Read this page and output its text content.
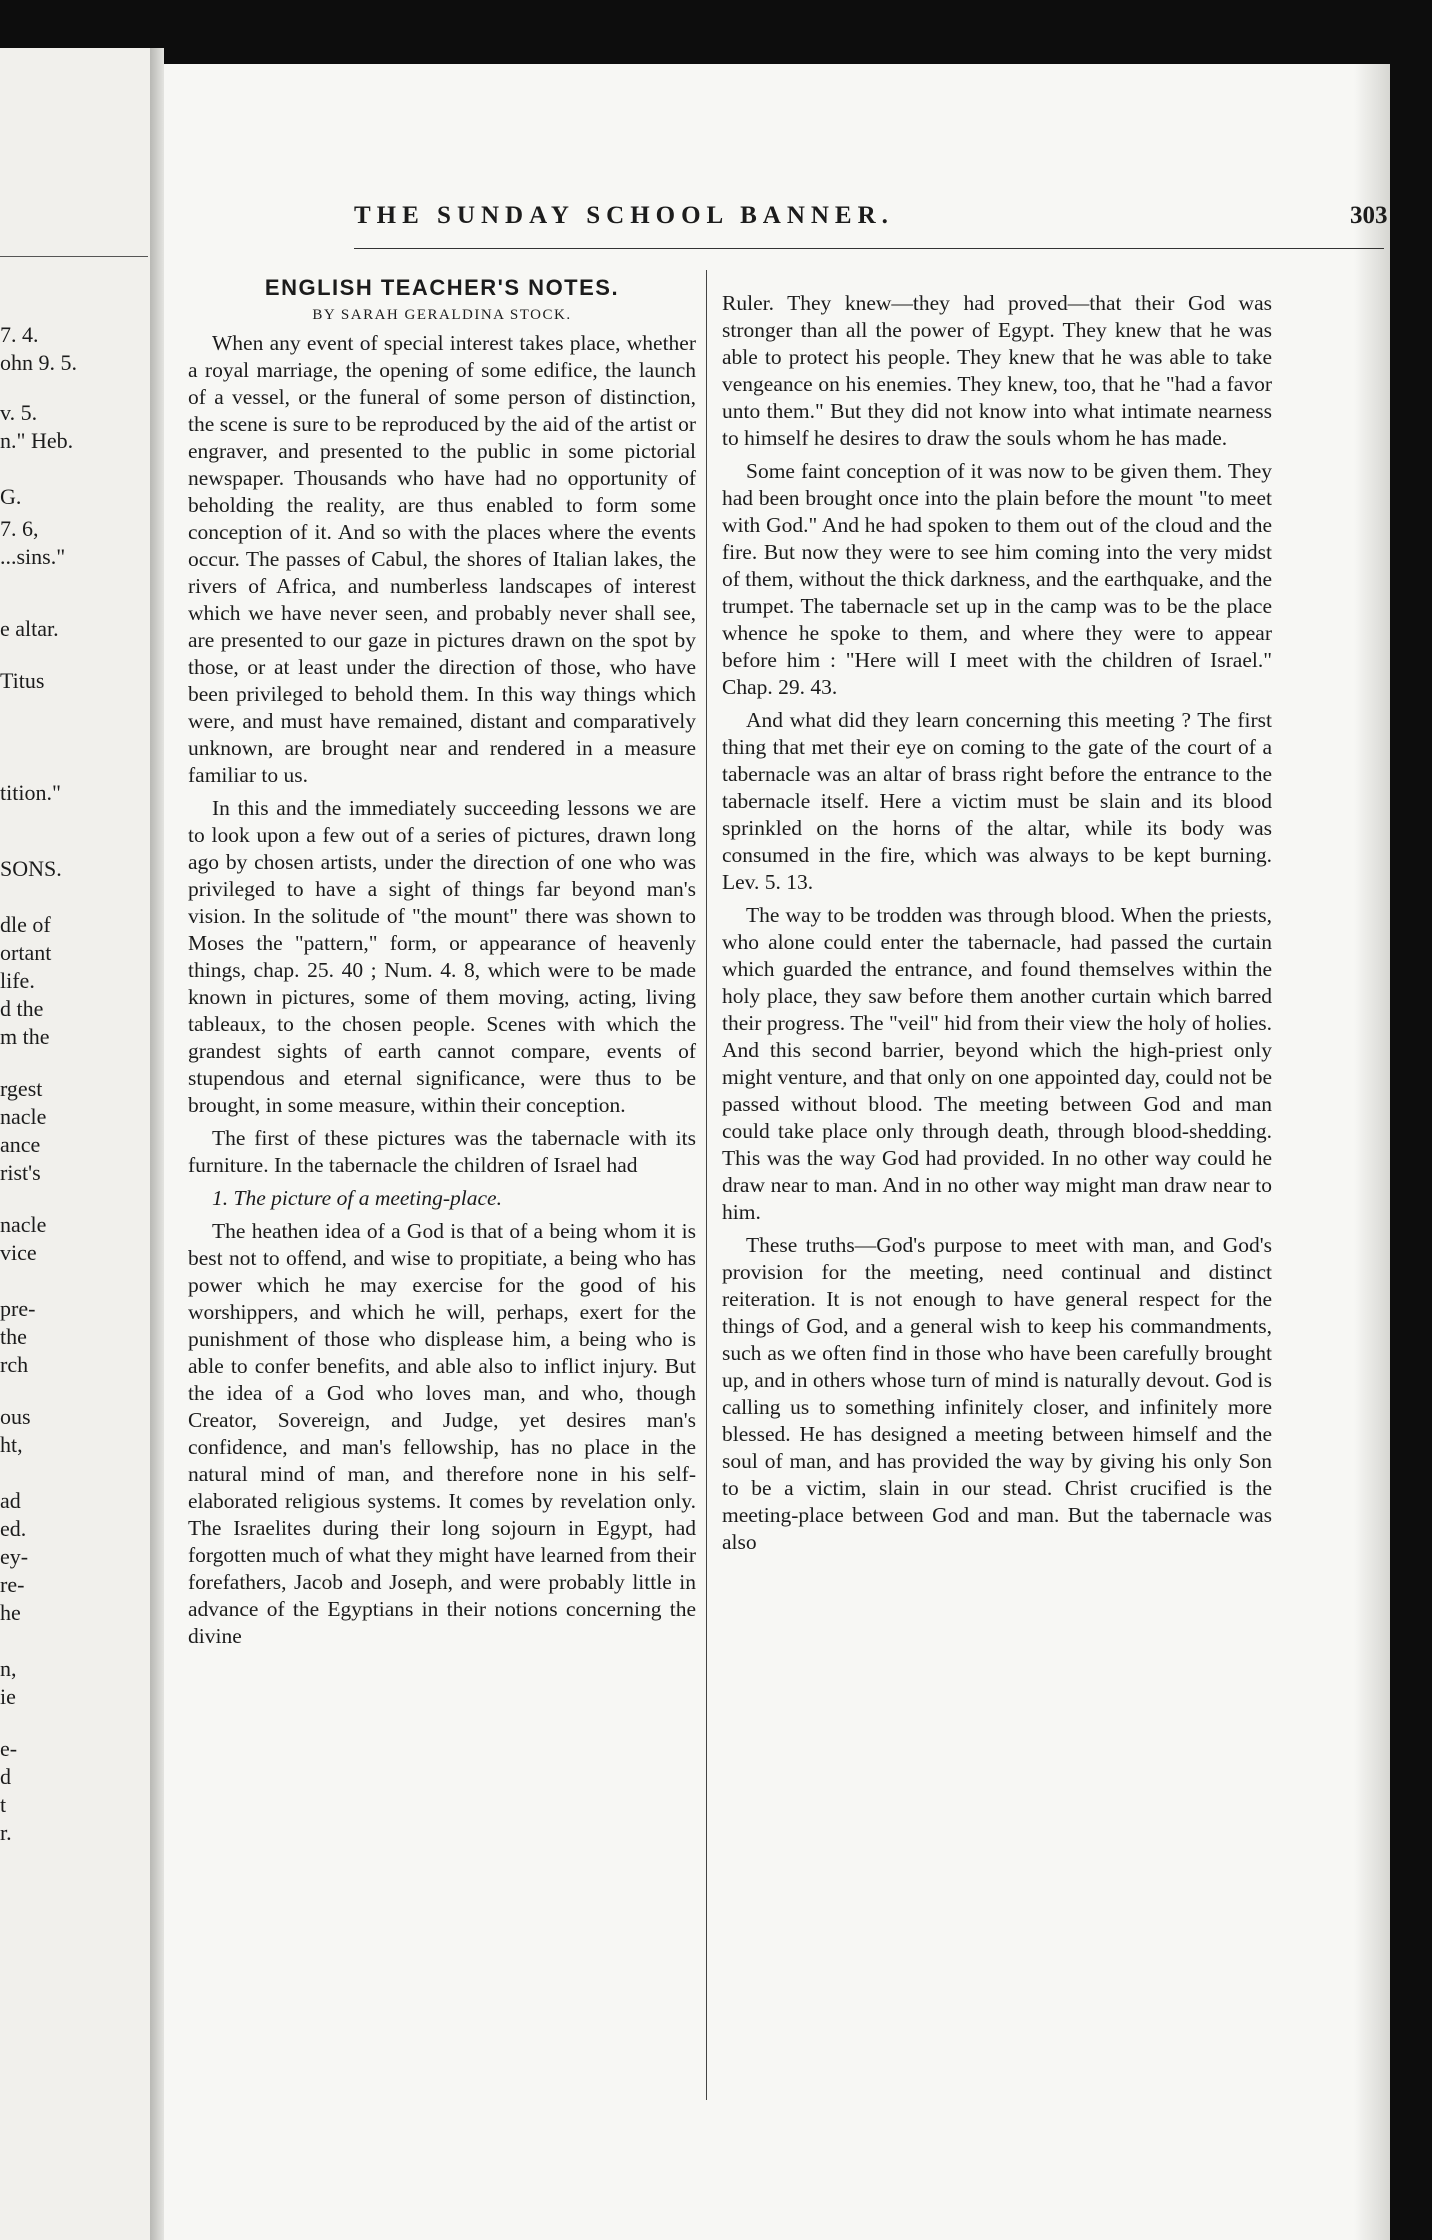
7. 4.
ohn 9. 5.
v. 5.
n." Heb.
G.
7. 6,
...sins."
e altar.
Titus
tition."
SONS.
dle of
ortant
life.
d the
m the
rgest
nacle
ance
rist's
nacle
vice
pre-
the
rch
ous
ht,
ad
ed.
ey-
re-
he
n,
ie
e-
d
t
r.
THE SUNDAY SCHOOL BANNER.	303
ENGLISH TEACHER'S NOTES.
BY SARAH GERALDINA STOCK.

When any event of special interest takes place, whether a royal marriage, the opening of some edifice, the launch of a vessel, or the funeral of some person of distinction, the scene is sure to be reproduced by the aid of the artist or engraver, and presented to the public in some pictorial newspaper. Thousands who have had no opportunity of beholding the reality, are thus enabled to form some conception of it. And so with the places where the events occur. The passes of Cabul, the shores of Italian lakes, the rivers of Africa, and numberless landscapes of interest which we have never seen, and probably never shall see, are presented to our gaze in pictures drawn on the spot by those, or at least under the direction of those, who have been privileged to behold them. In this way things which were, and must have remained, distant and comparatively unknown, are brought near and rendered in a measure familiar to us.

In this and the immediately succeeding lessons we are to look upon a few out of a series of pictures, drawn long ago by chosen artists, under the direction of one who was privileged to have a sight of things far beyond man's vision. In the solitude of "the mount" there was shown to Moses the "pattern," form, or appearance of heavenly things, chap. 25. 40 ; Num. 4. 8, which were to be made known in pictures, some of them moving, acting, living tableaux, to the chosen people. Scenes with which the grandest sights of earth cannot compare, events of stupendous and eternal significance, were thus to be brought, in some measure, within their conception.

The first of these pictures was the tabernacle with its furniture. In the tabernacle the children of Israel had

1. The picture of a meeting-place.

The heathen idea of a God is that of a being whom it is best not to offend, and wise to propitiate, a being who has power which he may exercise for the good of his worshippers, and which he will, perhaps, exert for the punishment of those who displease him, a being who is able to confer benefits, and able also to inflict injury. But the idea of a God who loves man, and who, though Creator, Sovereign, and Judge, yet desires man's confidence, and man's fellowship, has no place in the natural mind of man, and therefore none in his self-elaborated religious systems. It comes by revelation only. The Israelites during their long sojourn in Egypt, had forgotten much of what they might have learned from their forefathers, Jacob and Joseph, and were probably little in advance of the Egyptians in their notions concerning the divine

Ruler. They knew—they had proved—that their God was stronger than all the power of Egypt. They knew that he was able to protect his people. They knew that he was able to take vengeance on his enemies. They knew, too, that he "had a favor unto them." But they did not know into what intimate nearness to himself he desires to draw the souls whom he has made.

Some faint conception of it was now to be given them. They had been brought once into the plain before the mount "to meet with God." And he had spoken to them out of the cloud and the fire. But now they were to see him coming into the very midst of them, without the thick darkness, and the earthquake, and the trumpet. The tabernacle set up in the camp was to be the place whence he spoke to them, and where they were to appear before him : "Here will I meet with the children of Israel." Chap. 29. 43.

And what did they learn concerning this meeting ? The first thing that met their eye on coming to the gate of the court of a tabernacle was an altar of brass right before the entrance to the tabernacle itself. Here a victim must be slain and its blood sprinkled on the horns of the altar, while its body was consumed in the fire, which was always to be kept burning. Lev. 5. 13.

The way to be trodden was through blood. When the priests, who alone could enter the tabernacle, had passed the curtain which guarded the entrance, and found themselves within the holy place, they saw before them another curtain which barred their progress. The "veil" hid from their view the holy of holies. And this second barrier, beyond which the high-priest only might venture, and that only on one appointed day, could not be passed without blood. The meeting between God and man could take place only through death, through blood-shedding. This was the way God had provided. In no other way could he draw near to man. And in no other way might man draw near to him.

These truths—God's purpose to meet with man, and God's provision for the meeting, need continual and distinct reiteration. It is not enough to have general respect for the things of God, and a general wish to keep his commandments, such as we often find in those who have been carefully brought up, and in others whose turn of mind is naturally devout. God is calling us to something infinitely closer, and infinitely more blessed. He has designed a meeting between himself and the soul of man, and has provided the way by giving his only Son to be a victim, slain in our stead. Christ crucified is the meeting-place between God and man. But the tabernacle was also
